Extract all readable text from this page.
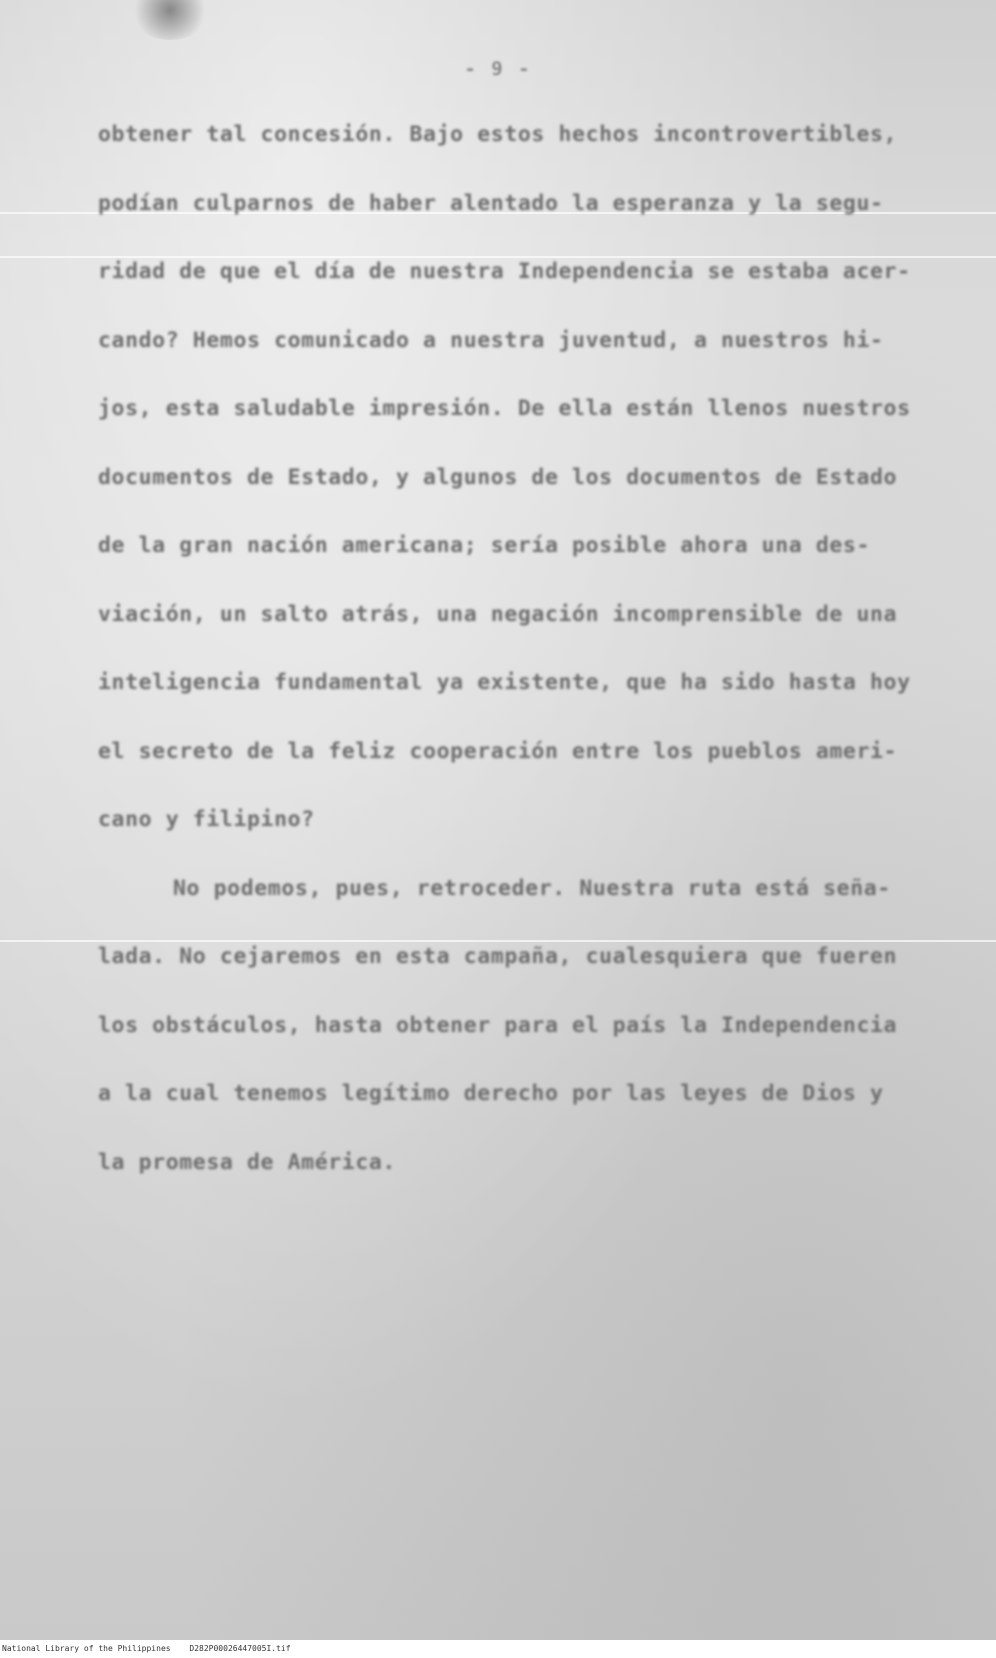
- 9 -
obtener tal concesión. Bajo estos hechos incontrovertibles,
podían culparnos de haber alentado la esperanza y la segu-
ridad de que el día de nuestra Independencia se estaba acer-
cando? Hemos comunicado a nuestra juventud, a nuestros hi-
jos, esta saludable impresión. De ella están llenos nuestros
documentos de Estado, y algunos de los documentos de Estado
de la gran nación americana; sería posible ahora una des-
viación, un salto atrás, una negación incomprensible de una
inteligencia fundamental ya existente, que ha sido hasta hoy
el secreto de la feliz cooperación entre los pueblos ameri-
cano y filipino?
No podemos, pues, retroceder. Nuestra ruta está seña-
lada. No cejaremos en esta campaña, cualesquiera que fueren
los obstáculos, hasta obtener para el país la Independencia
a la cual tenemos legítimo derecho por las leyes de Dios y
la promesa de América.
National Library of the Philippines D282P00026447005I.tif
